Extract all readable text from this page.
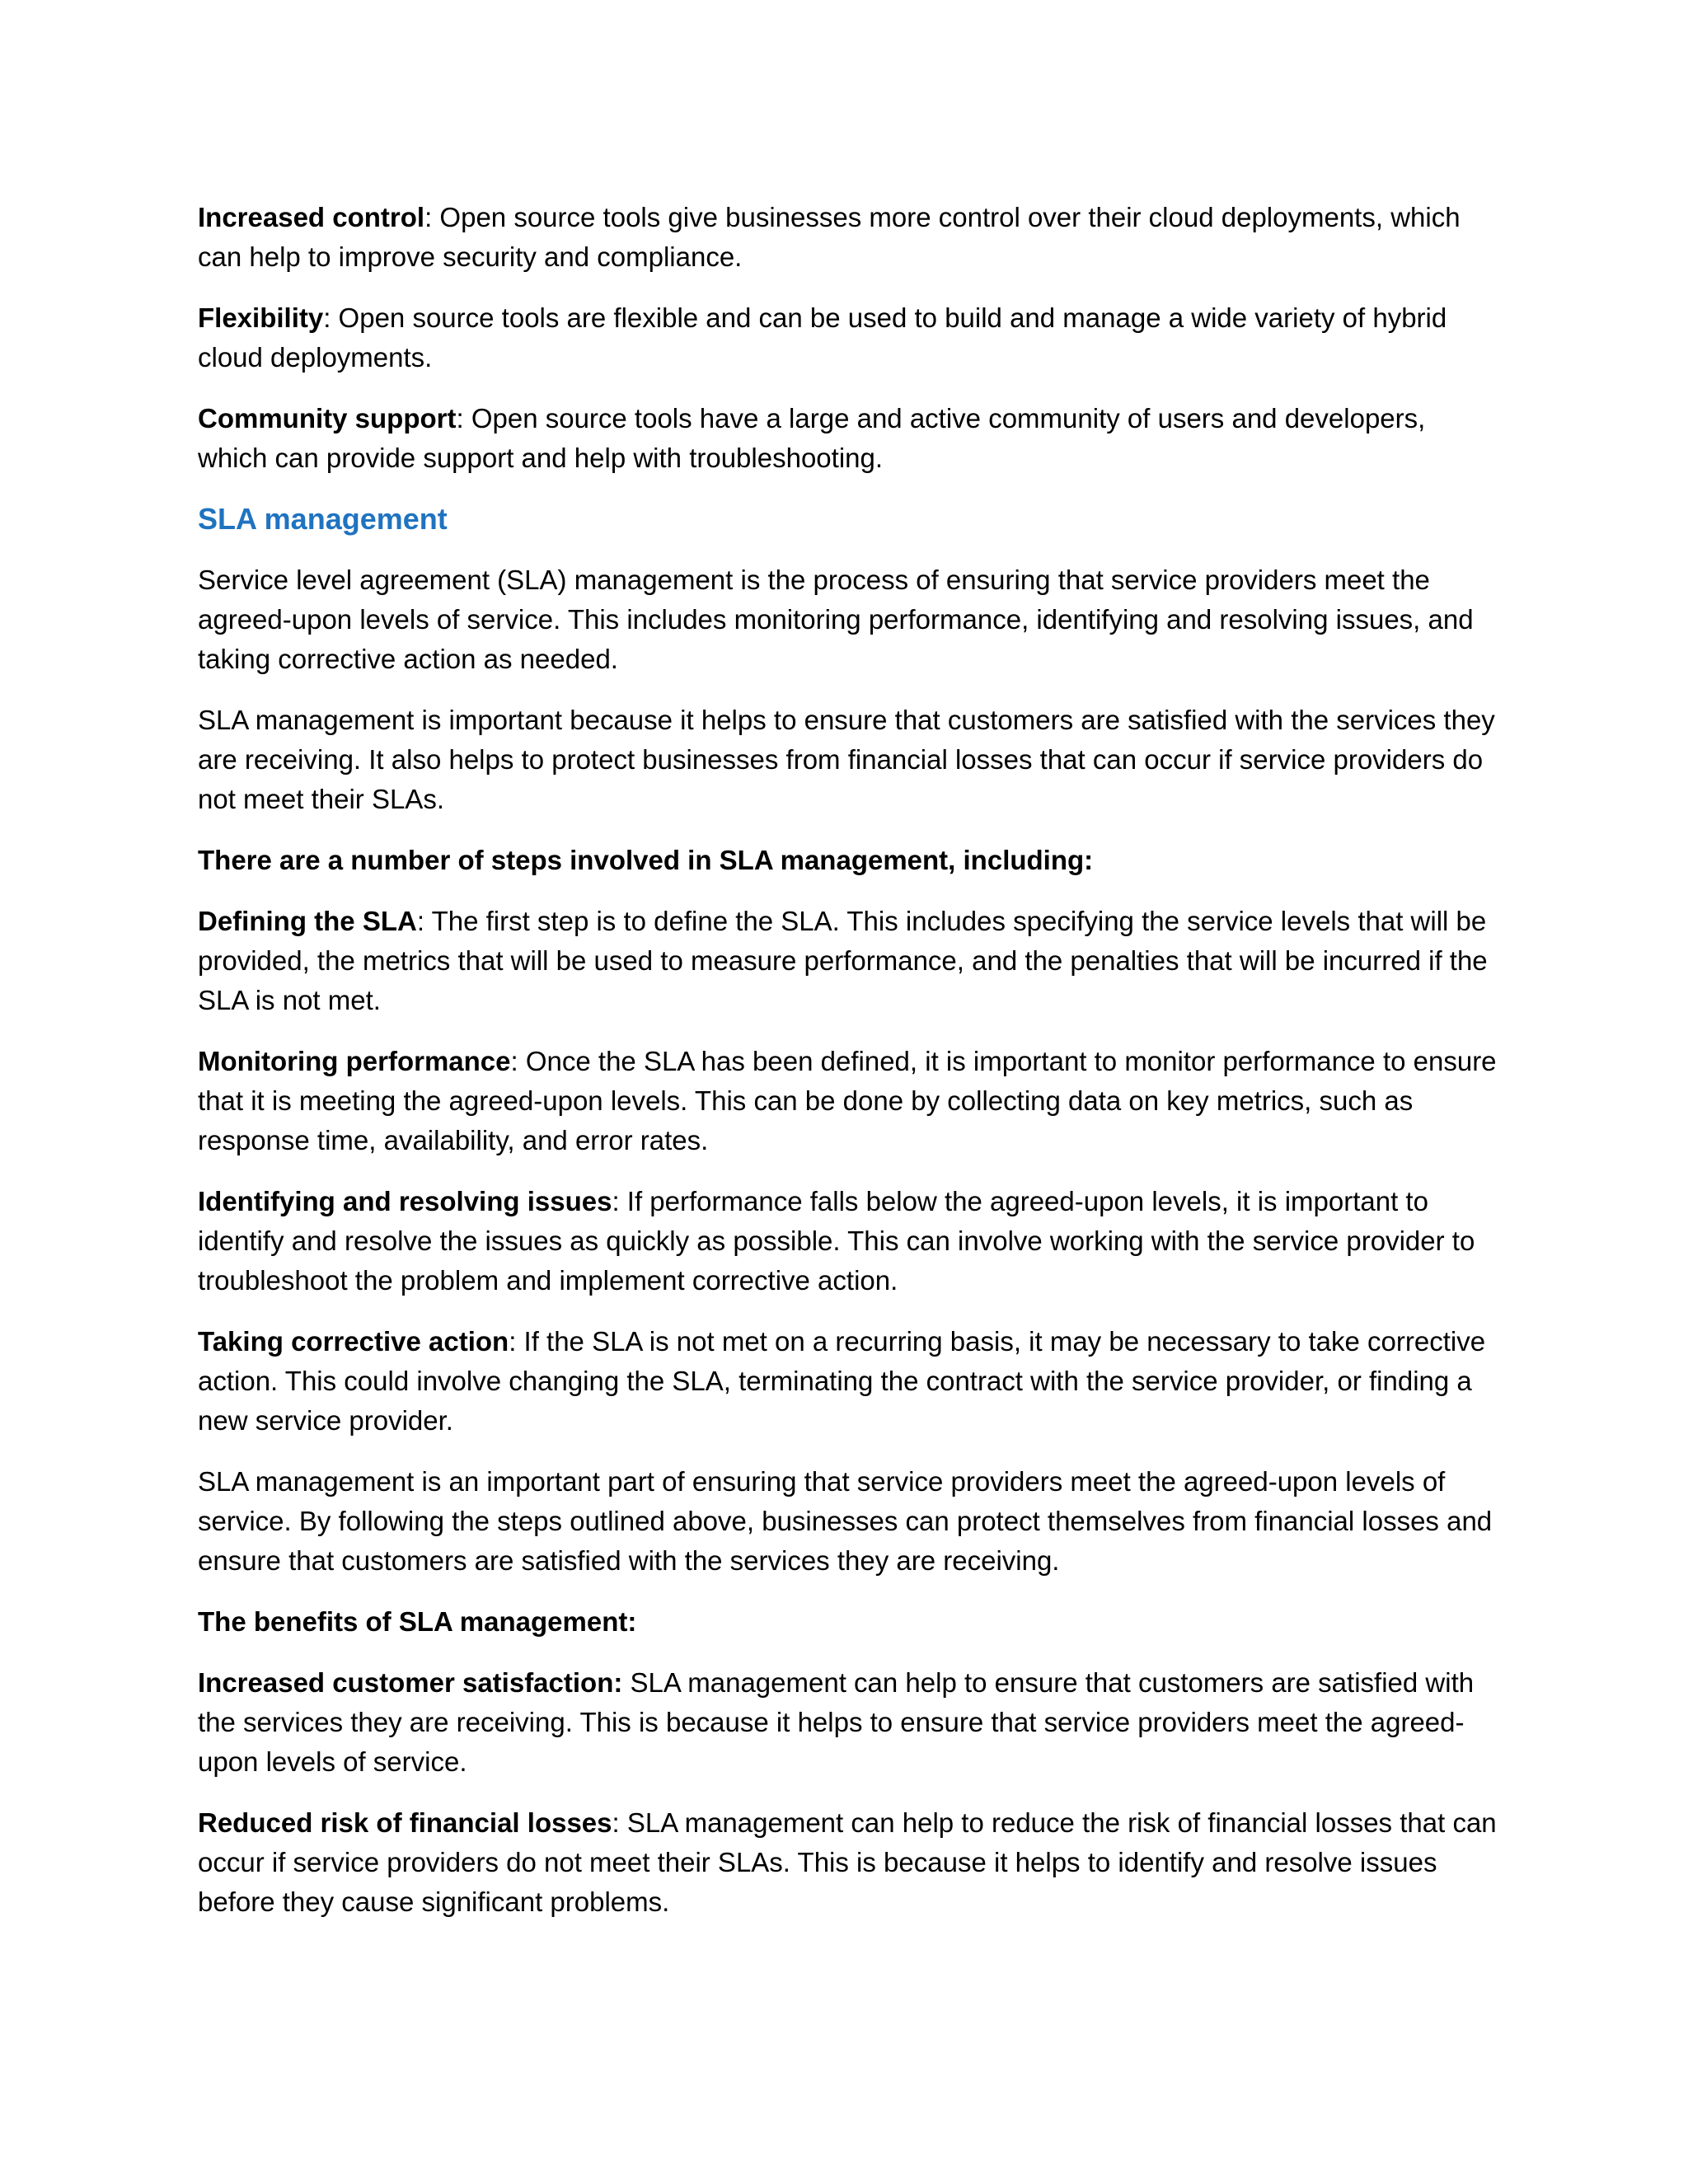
Increased control: Open source tools give businesses more control over their cloud deployments, which can help to improve security and compliance.

Flexibility: Open source tools are flexible and can be used to build and manage a wide variety of hybrid cloud deployments.

Community support: Open source tools have a large and active community of users and developers, which can provide support and help with troubleshooting.

SLA management

Service level agreement (SLA) management is the process of ensuring that service providers meet the agreed-upon levels of service. This includes monitoring performance, identifying and resolving issues, and taking corrective action as needed.

SLA management is important because it helps to ensure that customers are satisfied with the services they are receiving. It also helps to protect businesses from financial losses that can occur if service providers do not meet their SLAs.

There are a number of steps involved in SLA management, including:

Defining the SLA: The first step is to define the SLA. This includes specifying the service levels that will be provided, the metrics that will be used to measure performance, and the penalties that will be incurred if the SLA is not met.

Monitoring performance: Once the SLA has been defined, it is important to monitor performance to ensure that it is meeting the agreed-upon levels. This can be done by collecting data on key metrics, such as response time, availability, and error rates.

Identifying and resolving issues: If performance falls below the agreed-upon levels, it is important to identify and resolve the issues as quickly as possible. This can involve working with the service provider to troubleshoot the problem and implement corrective action.

Taking corrective action: If the SLA is not met on a recurring basis, it may be necessary to take corrective action. This could involve changing the SLA, terminating the contract with the service provider, or finding a new service provider.

SLA management is an important part of ensuring that service providers meet the agreed-upon levels of service. By following the steps outlined above, businesses can protect themselves from financial losses and ensure that customers are satisfied with the services they are receiving.

The benefits of SLA management:

Increased customer satisfaction: SLA management can help to ensure that customers are satisfied with the services they are receiving. This is because it helps to ensure that service providers meet the agreed-upon levels of service.

Reduced risk of financial losses: SLA management can help to reduce the risk of financial losses that can occur if service providers do not meet their SLAs. This is because it helps to identify and resolve issues before they cause significant problems.
